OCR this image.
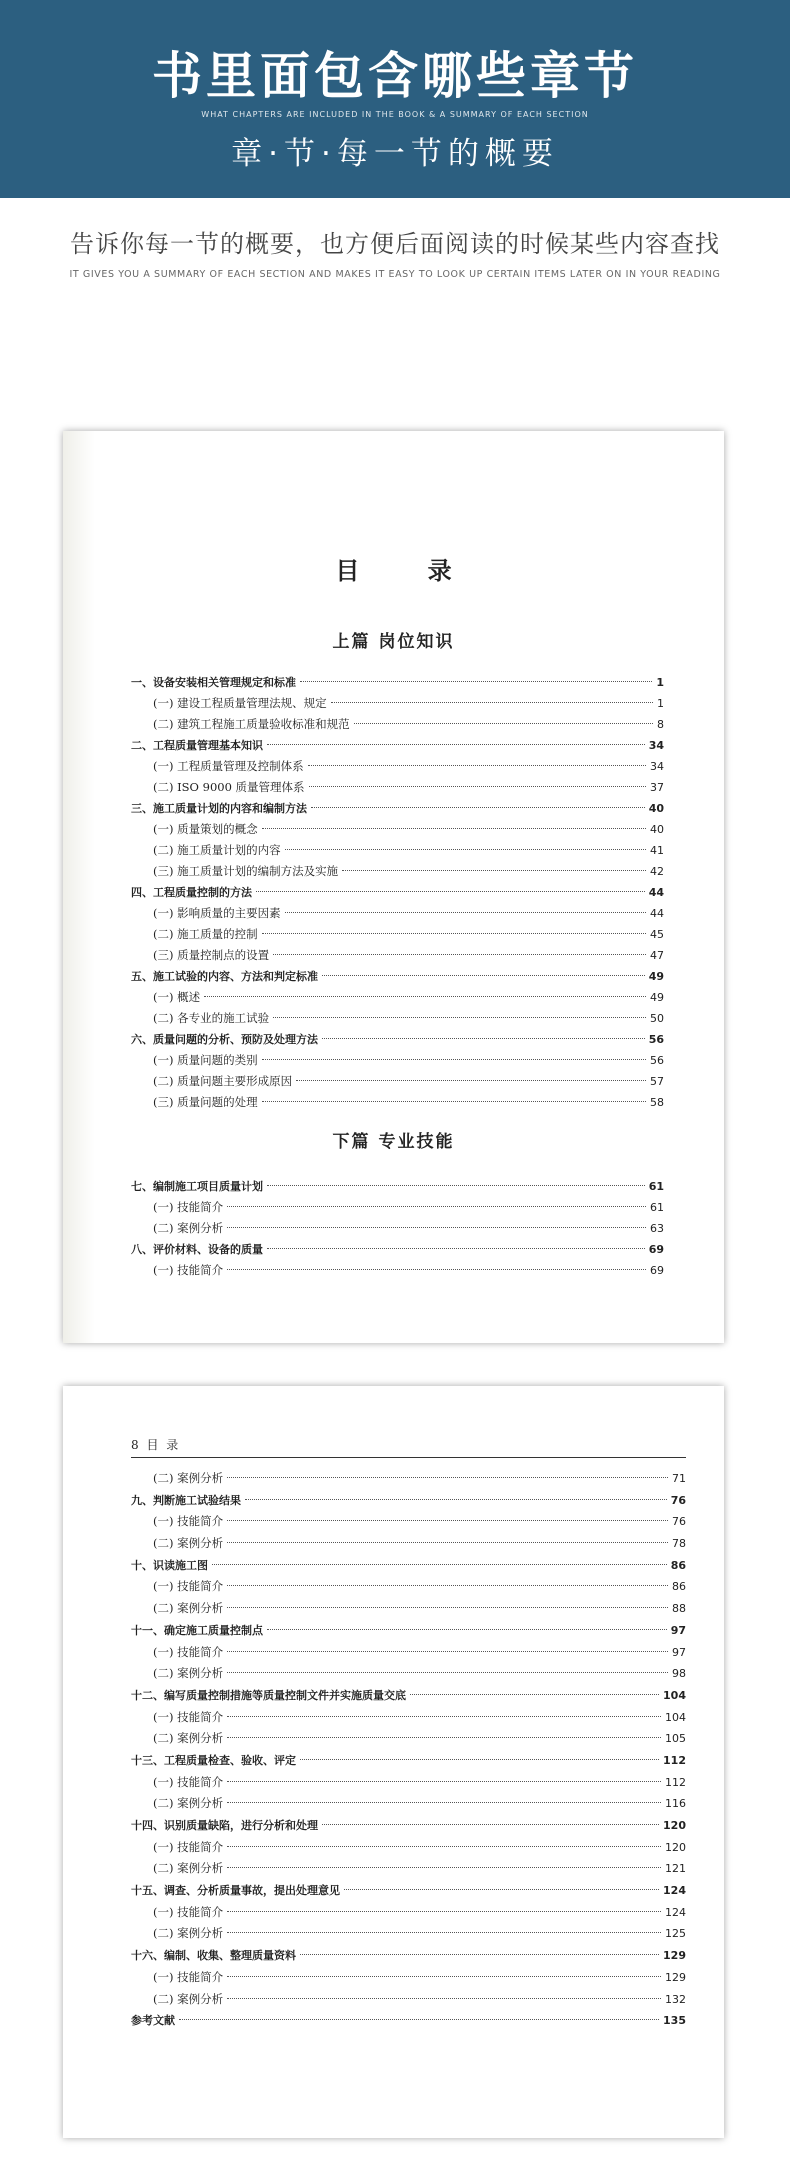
书里面包含哪些章节
WHAT CHAPTERS ARE INCLUDED IN THE BOOK & A SUMMARY OF EACH SECTION
章·节·每一节的概要
告诉你每一节的概要，也方便后面阅读的时候某些内容查找
IT GIVES YOU A SUMMARY OF EACH SECTION AND MAKES IT EASY TO LOOK UP CERTAIN ITEMS LATER ON IN YOUR READING
目 录
上篇 岗位知识
一、设备安装相关管理规定和标准	1
(一) 建设工程质量管理法规、规定	1
(二) 建筑工程施工质量验收标准和规范	8
二、工程质量管理基本知识	34
(一) 工程质量管理及控制体系	34
(二) ISO 9000 质量管理体系	37
三、施工质量计划的内容和编制方法	40
(一) 质量策划的概念	40
(二) 施工质量计划的内容	41
(三) 施工质量计划的编制方法及实施	42
四、工程质量控制的方法	44
(一) 影响质量的主要因素	44
(二) 施工质量的控制	45
(三) 质量控制点的设置	47
五、施工试验的内容、方法和判定标准	49
(一) 概述	49
(二) 各专业的施工试验	50
六、质量问题的分析、预防及处理方法	56
(一) 质量问题的类别	56
(二) 质量问题主要形成原因	57
(三) 质量问题的处理	58
下篇 专业技能
七、编制施工项目质量计划	61
(一) 技能简介	61
(二) 案例分析	63
八、评价材料、设备的质量	69
(一) 技能简介	69
8 目 录
(二) 案例分析	71
九、判断施工试验结果	76
(一) 技能简介	76
(二) 案例分析	78
十、识读施工图	86
(一) 技能简介	86
(二) 案例分析	88
十一、确定施工质量控制点	97
(一) 技能简介	97
(二) 案例分析	98
十二、编写质量控制措施等质量控制文件并实施质量交底	104
(一) 技能简介	104
(二) 案例分析	105
十三、工程质量检查、验收、评定	112
(一) 技能简介	112
(二) 案例分析	116
十四、识别质量缺陷，进行分析和处理	120
(一) 技能简介	120
(二) 案例分析	121
十五、调查、分析质量事故，提出处理意见	124
(一) 技能简介	124
(二) 案例分析	125
十六、编制、收集、整理质量资料	129
(一) 技能简介	129
(二) 案例分析	132
参考文献	135
